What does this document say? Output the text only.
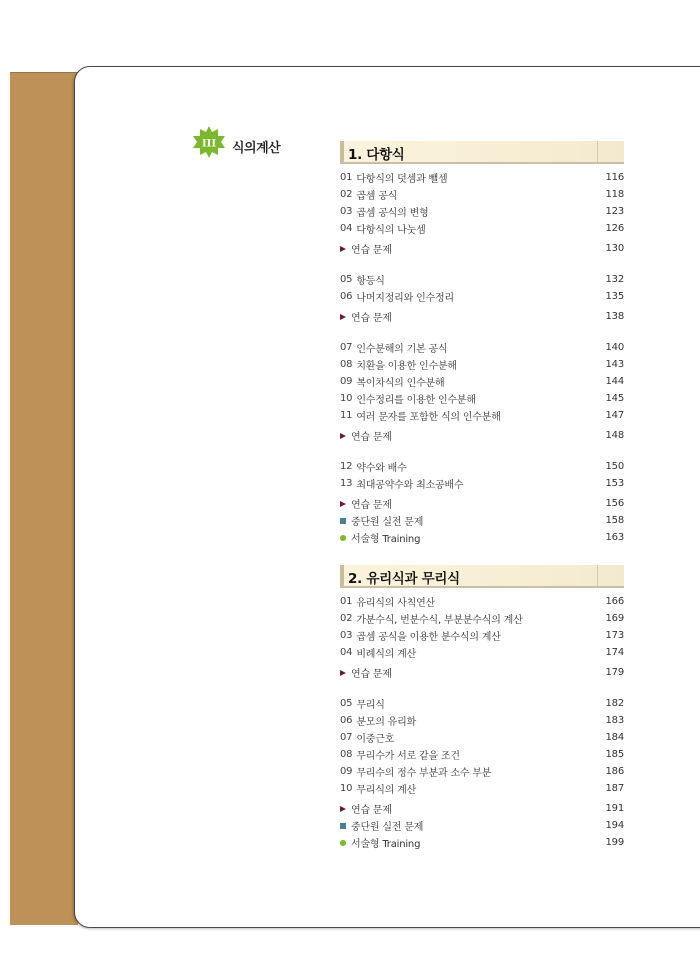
III 식의계산	1. 다항식
01 다항식의 덧셈과 뺄셈	116
02 곱셈 공식	118
03 곱셈 공식의 변형	123
04 다항식의 나눗셈	126
연습 문제	130
05 항등식	132
06 나머지정리와 인수정리	135
연습 문제	138
07 인수분해의 기본 공식	140
08 치환을 이용한 인수분해	143
09 복이차식의 인수분해	144
10 인수정리를 이용한 인수분해	145
11 여러 문자를 포함한 식의 인수분해	147
연습 문제	148
12 약수와 배수	150
13 최대공약수와 최소공배수	153
연습 문제	156
중단원 실전 문제	158
서술형 Training	163
2. 유리식과 무리식
01 유리식의 사칙연산	166
02 가분수식, 번분수식, 부분분수식의 계산	169
03 곱셈 공식을 이용한 분수식의 계산	173
04 비례식의 계산	174
연습 문제	179
05 무리식	182
06 분모의 유리화	183
07 이중근호	184
08 무리수가 서로 같을 조건	185
09 무리수의 정수 부분과 소수 부분	186
10 무리식의 계산	187
연습 문제	191
중단원 실전 문제	194
서술형 Training	199
